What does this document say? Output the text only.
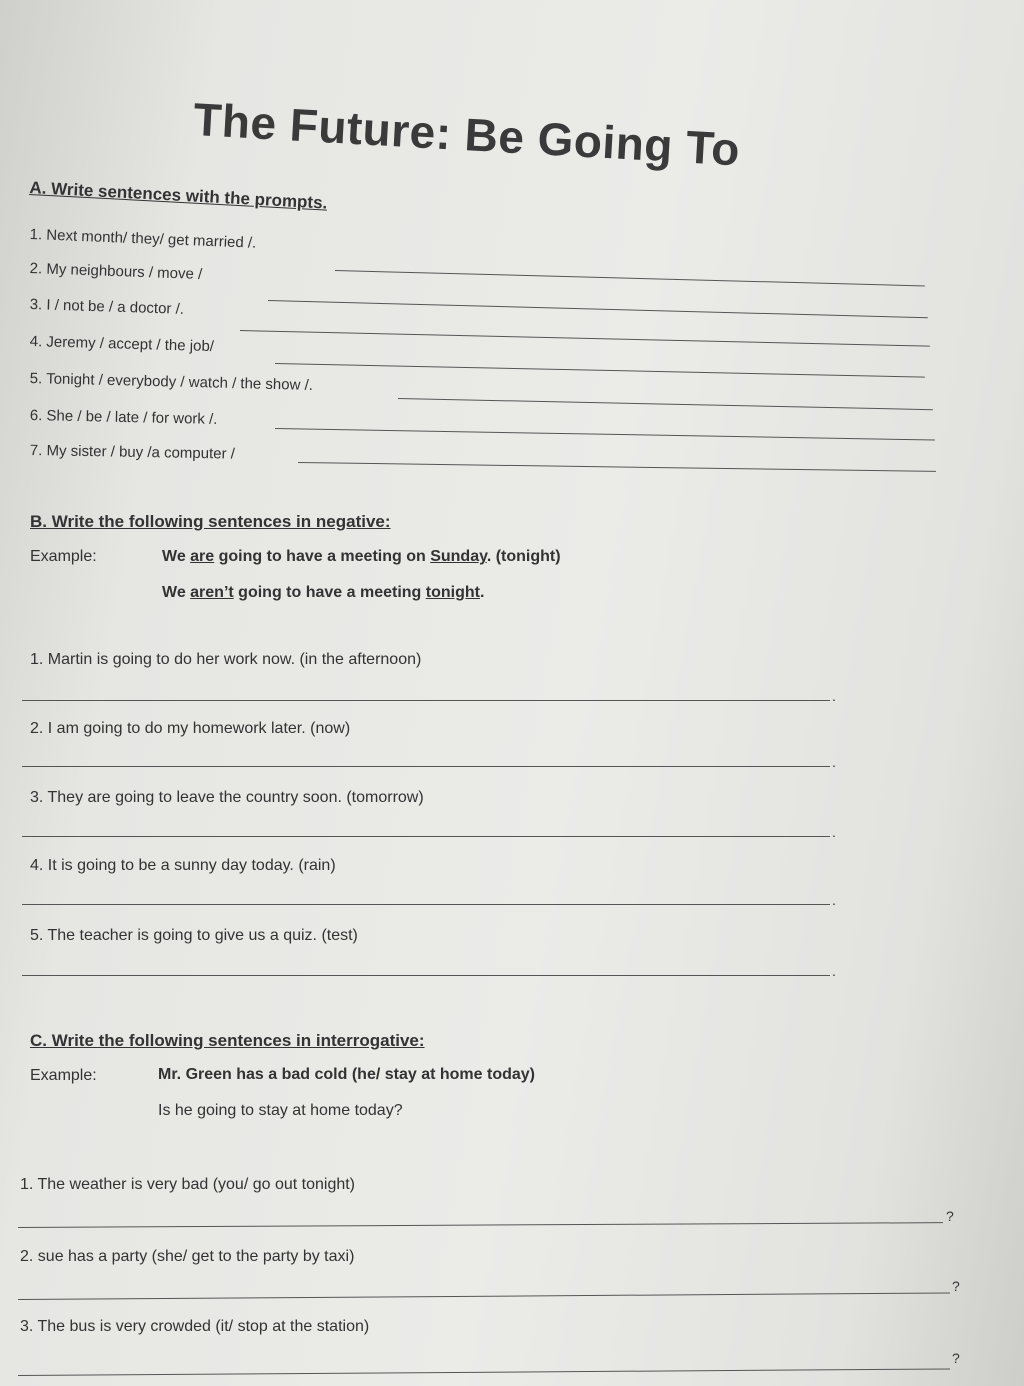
The Future: Be Going To
A. Write sentences with the prompts.
1. Next month/ they/ get married /.
2. My neighbours / move /
3. I / not be / a doctor /.
4. Jeremy / accept / the job/
5. Tonight / everybody / watch / the show /.
6. She / be / late / for work /.
7. My sister / buy /a computer /
B. Write the following sentences in negative:
Example:	We are going to have a meeting on Sunday. (tonight)
We aren’t going to have a meeting tonight.
1. Martin is going to do her work now. (in the afternoon)
.
2. I am going to do my homework later. (now)
.
3. They are going to leave the country soon. (tomorrow)
.
4. It is going to be a sunny day today. (rain)
.
5. The teacher is going to give us a quiz. (test)
.
C. Write the following sentences in interrogative:
Example:	Mr. Green has a bad cold (he/ stay at home today)
Is he going to stay at home today?
1. The weather is very bad (you/ go out tonight)
?
2. sue has a party (she/ get to the party by taxi)
?
3. The bus is very crowded (it/ stop at the station)
?
